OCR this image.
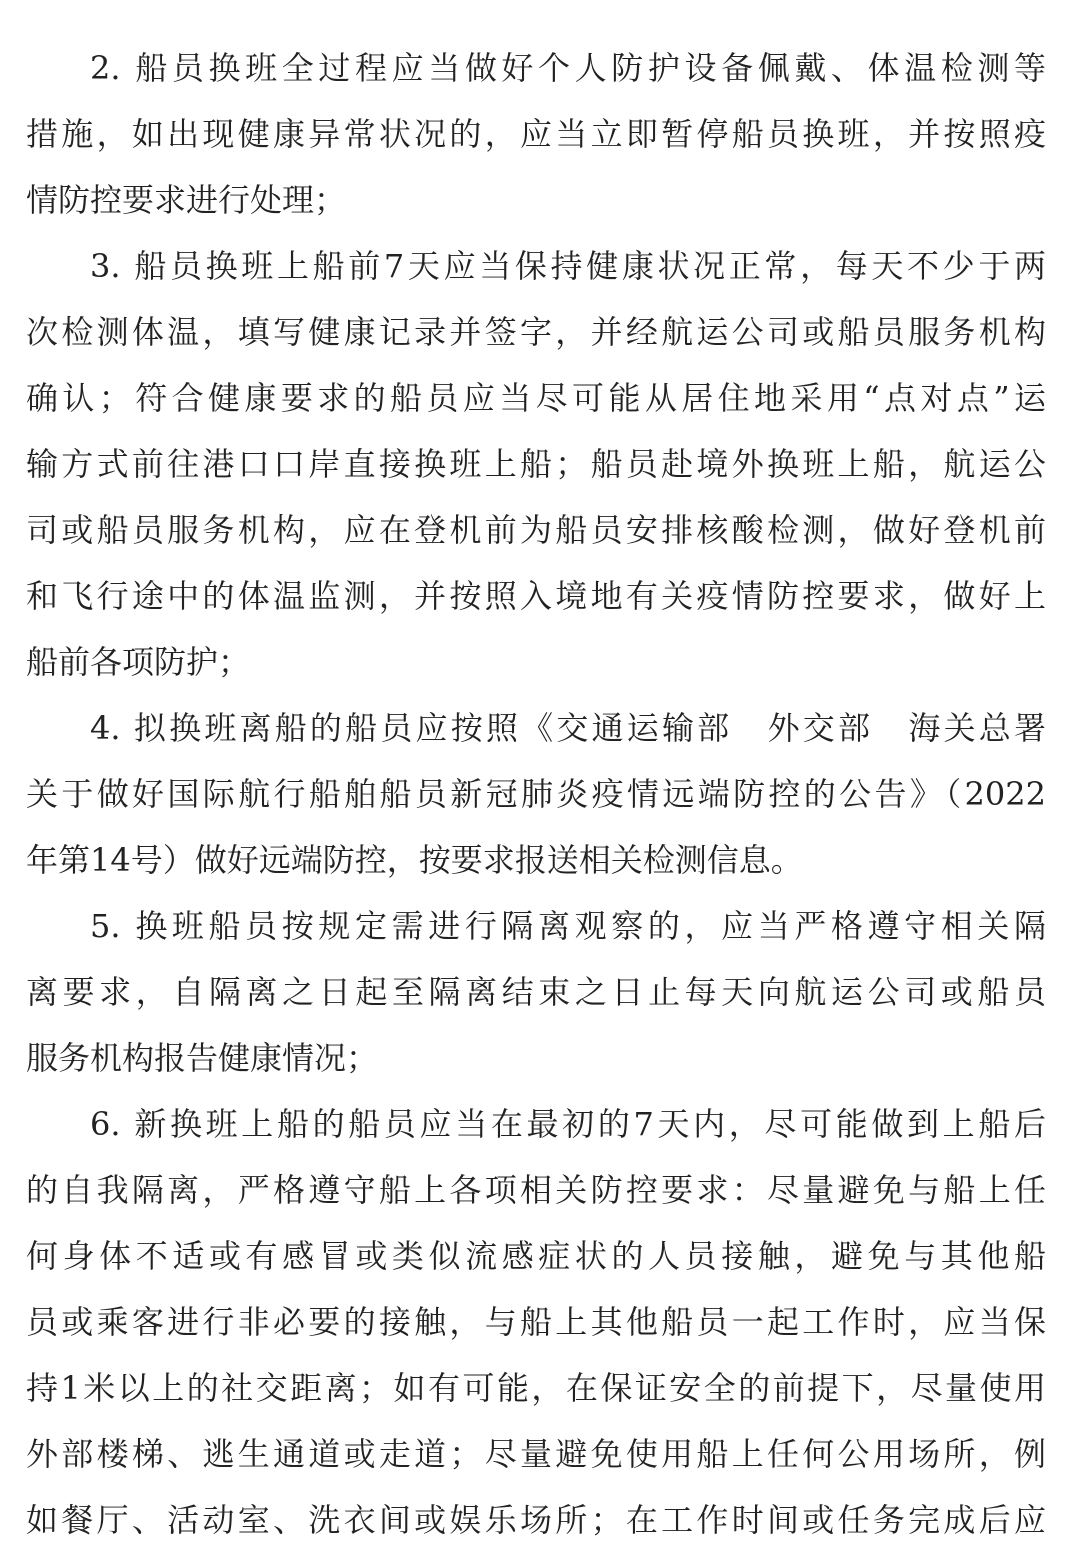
2. 船员换班全过程应当做好个人防护设备佩戴、体温检测等
措施，如出现健康异常状况的，应当立即暂停船员换班，并按照疫
情防控要求进行处理；
3. 船员换班上船前7天应当保持健康状况正常，每天不少于两
次检测体温，填写健康记录并签字，并经航运公司或船员服务机构
确认；符合健康要求的船员应当尽可能从居住地采用“点对点”运
输方式前往港口口岸直接换班上船；船员赴境外换班上船，航运公
司或船员服务机构，应在登机前为船员安排核酸检测，做好登机前
和飞行途中的体温监测，并按照入境地有关疫情防控要求，做好上
船前各项防护；
4. 拟换班离船的船员应按照《交通运输部　外交部　海关总署
关于做好国际航行船舶船员新冠肺炎疫情远端防控的公告》（2022
年第14号）做好远端防控，按要求报送相关检测信息。
5. 换班船员按规定需进行隔离观察的，应当严格遵守相关隔
离要求，自隔离之日起至隔离结束之日止每天向航运公司或船员
服务机构报告健康情况；
6. 新换班上船的船员应当在最初的7天内，尽可能做到上船后
的自我隔离，严格遵守船上各项相关防控要求：尽量避免与船上任
何身体不适或有感冒或类似流感症状的人员接触，避免与其他船
员或乘客进行非必要的接触，与船上其他船员一起工作时，应当保
持1米以上的社交距离；如有可能，在保证安全的前提下，尽量使用
外部楼梯、逃生通道或走道；尽量避免使用船上任何公用场所，例
如餐厅、活动室、洗衣间或娱乐场所；在工作时间或任务完成后应
